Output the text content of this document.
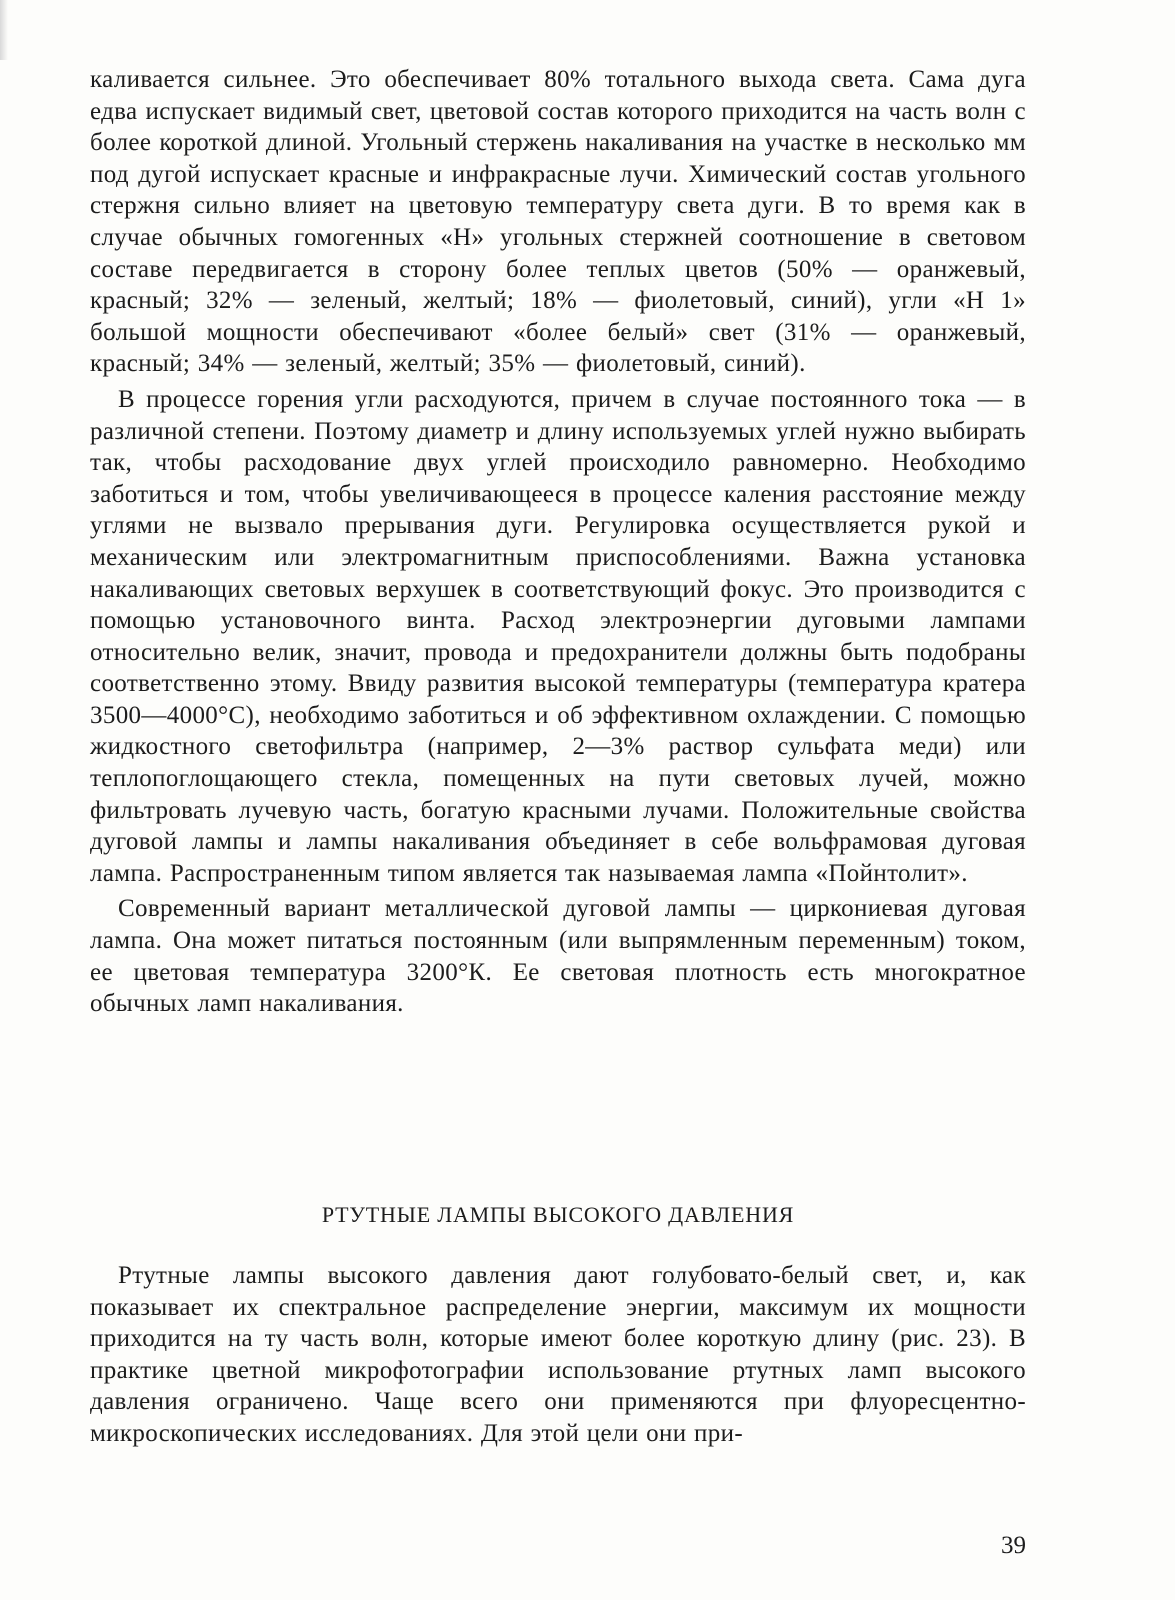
каливается сильнее. Это обеспечивает 80% тотального выхода света. Сама дуга едва испускает видимый свет, цветовой состав которого приходится на часть волн с более короткой длиной. Угольный стержень накаливания на участке в несколько мм под дугой испускает красные и инфракрасные лучи. Химический состав угольного стержня сильно влияет на цветовую температуру света дуги. В то время как в случае обычных гомогенных «Н» угольных стержней соотношение в световом составе передвигается в сторону более теплых цветов (50% — оранжевый, красный; 32% — зеленый, желтый; 18% — фиолетовый, синий), угли «Н 1» большой мощности обеспечивают «более белый» свет (31% — оранжевый, красный; 34% — зеленый, желтый; 35% — фиолетовый, синий).

В процессе горения угли расходуются, причем в случае постоянного тока — в различной степени. Поэтому диаметр и длину используемых углей нужно выбирать так, чтобы расходование двух углей происходило равномерно. Необходимо заботиться и том, чтобы увеличивающееся в процессе каления расстояние между углями не вызвало прерывания дуги. Регулировка осуществляется рукой и механическим или электромагнитным приспособлениями. Важна установка накаливающих световых верхушек в соответствующий фокус. Это производится с помощью установочного винта. Расход электроэнергии дуговыми лампами относительно велик, значит, провода и предохранители должны быть подобраны соответственно этому. Ввиду развития высокой температуры (температура кратера 3500—4000°С), необходимо заботиться и об эффективном охлаждении. С помощью жидкостного светофильтра (например, 2—3% раствор сульфата меди) или теплопоглощающего стекла, помещенных на пути световых лучей, можно фильтровать лучевую часть, богатую красными лучами. Положительные свойства дуговой лампы и лампы накаливания объединяет в себе вольфрамовая дуговая лампа. Распространенным типом является так называемая лампа «Пойнтолит».

Современный вариант металлической дуговой лампы — циркониевая дуговая лампа. Она может питаться постоянным (или выпрямленным переменным) током, ее цветовая температура 3200°К. Ее световая плотность есть многократное обычных ламп накаливания.

РТУТНЫЕ ЛАМПЫ ВЫСОКОГО ДАВЛЕНИЯ

Ртутные лампы высокого давления дают голубовато-белый свет, и, как показывает их спектральное распределение энергии, максимум их мощности приходится на ту часть волн, которые имеют более короткую длину (рис. 23). В практике цветной микрофотографии использование ртутных ламп высокого давления ограничено. Чаще всего они применяются при флуоресцентно-микроскопических исследованиях. Для этой цели они при-

39
